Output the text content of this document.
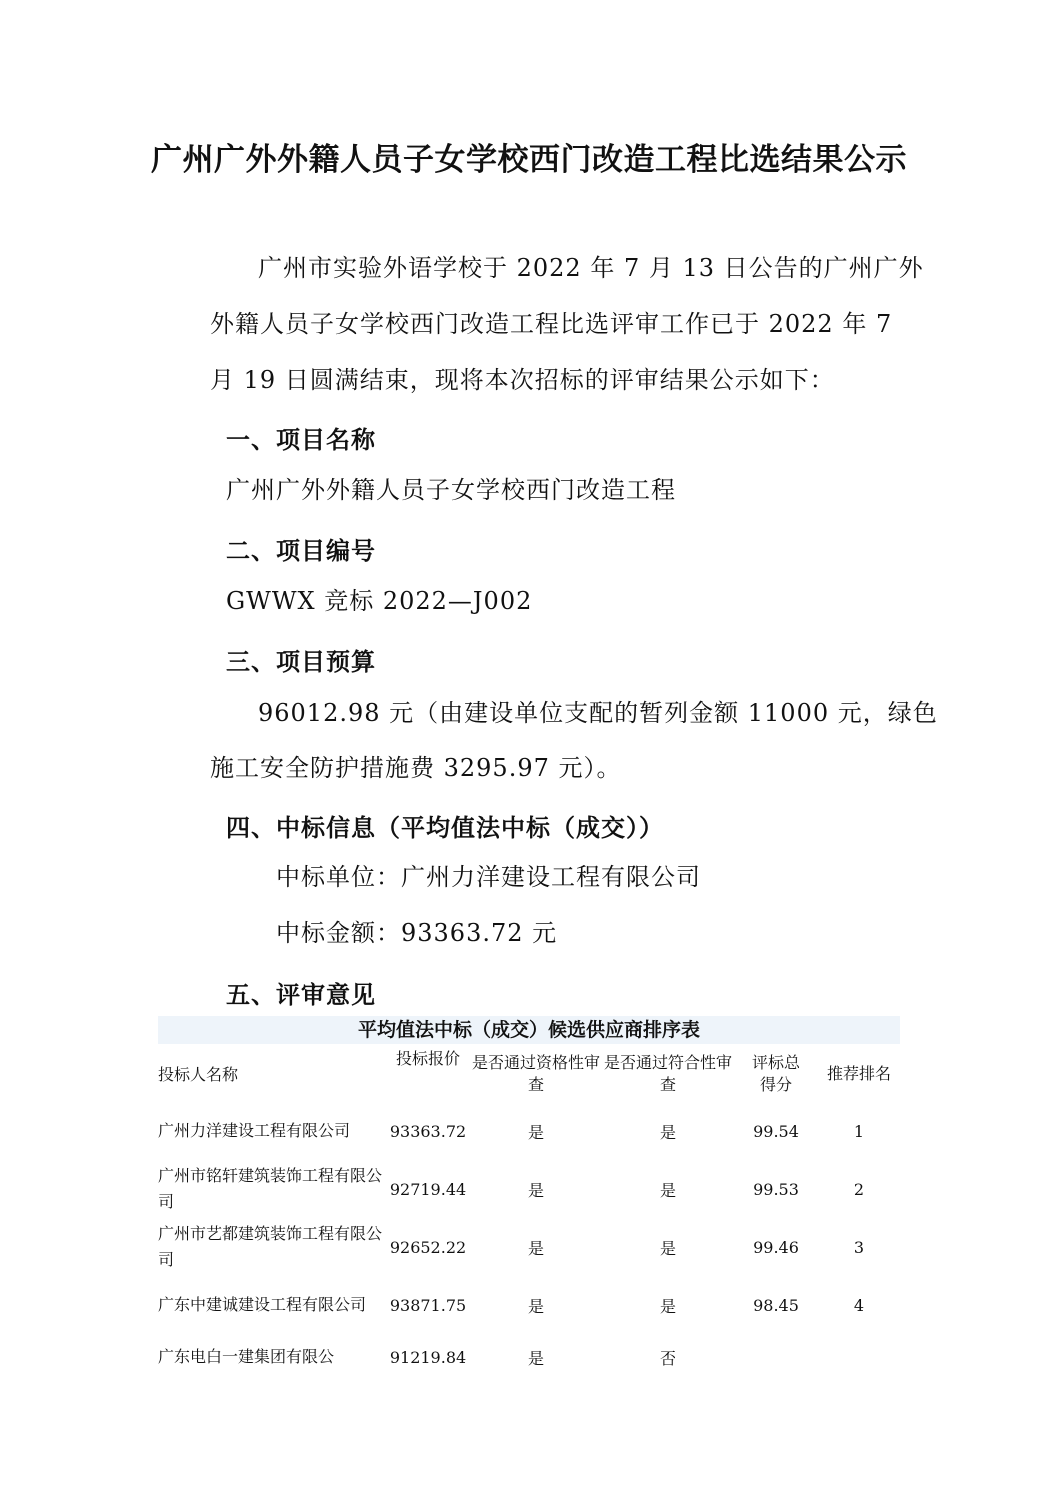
广州广外外籍人员子女学校西门改造工程比选结果公示
广州市实验外语学校于 2022 年 7 月 13 日公告的广州广外
外籍人员子女学校西门改造工程比选评审工作已于 2022 年 7
月 19 日圆满结束，现将本次招标的评审结果公示如下：
一、项目名称
广州广外外籍人员子女学校西门改造工程
二、项目编号
GWWX 竞标 2022—J002
三、项目预算
96012.98 元（由建设单位支配的暂列金额 11000 元，绿色
施工安全防护措施费 3295.97 元）。
四、中标信息（平均值法中标（成交））
中标单位：广州力洋建设工程有限公司
中标金额：93363.72 元
五、评审意见
平均值法中标（成交）候选供应商排序表
投标人名称	投标报价	是否通过资格性审查	是否通过符合性审查	评标总得分	推荐排名
广州力洋建设工程有限公司	93363.72	是	是	99.54	1
广州市铭轩建筑装饰工程有限公司	92719.44	是	是	99.53	2
广州市艺都建筑装饰工程有限公司	92652.22	是	是	99.46	3
广东中建诚建设工程有限公司	93871.75	是	是	98.45	4
广东电白一建集团有限公	91219.84	是	否		
